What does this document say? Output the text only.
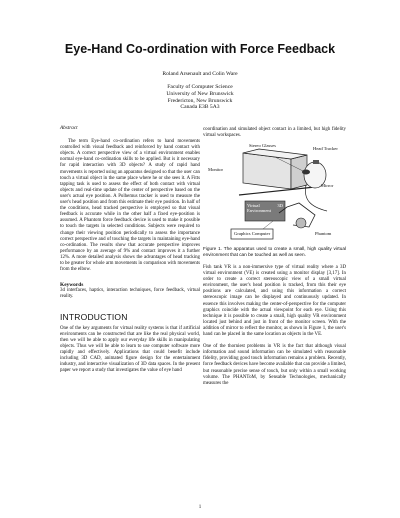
Eye-Hand Co-ordination with Force Feedback
Roland Arsenault and Colin Ware
Faculty of Computer Science
University of New Brunswick
Fredericton, New Brunswick
Canada E3B 5A3
Abstract

The term Eye-hand co-ordination refers to hand movements controlled with visual feedback and reinforced by hand contact with objects. A correct perspective view of a virtual environment enables normal eye-hand co-ordination skills to be applied. But is it necessary for rapid interaction with 3D objects? A study of rapid hand movements is reported using an apparatus designed so that the user can touch a virtual object in the same place where he or she sees it. A Fitts tapping task is used to assess the effect of both contact with virtual objects and real-time update of the center of perspective based on the user's actual eye position. A Polhemus tracker is used to measure the user's head position and from this estimate their eye position. In half of the conditions, head tracked perspective is employed so that visual feedback is accurate while in the other half a fixed eye-position is assumed. A Phantom force feedback device is used to make it possible to touch the targets in selected conditions. Subjects were required to change their viewing position periodically to assess the importance correct perspective and of touching the targets in maintaining eye-hand co-ordination. The results show that accurate perspective improves performance by an average of 9% and contact improves it a further 12%. A more detailed analysis shows the advantages of head tracking to be greater for whole arm movements in comparison with movements from the elbow.

Keywords

3d interfaces, haptics, interaction techniques, force feedback, virtual reality.

INTRODUCTION

One of the key arguments for virtual reality systems is that if artificial environments can be constructed that are like the real physical world, then we will be able to apply our everyday life skills in manipulating objects. Thus we will be able to learn to use computer software more rapidly and effectively. Applications that could benefit include including 3D CAD, animated figure design for the entertainment industry, and interactive visualization of 3D data spaces. In the present paper we report a study that investigates the value of eye hand

coordination and simulated object contact in a limited, but high fidelity virtual workspaces.

Stereo Glasses
Head Tracker
Monitor
Mirror
Virtual 3D Environment
Phantom
Graphics Computer
Figure 1. The apparatus used to create a small, high quality virtual environment that can be touched as well as seen.

Fish tank VR is a non-immersive type of virtual reality where a 3D virtual environment (VE) is created using a monitor display [3,17]. In order to create a correct stereoscopic view of a small virtual environment, the user's head position is tracked, from this their eye positions are calculated, and using this information a correct stereoscopic image can be displayed and continuously updated. In essence this involves making the center-of-perspective for the computer graphics coincide with the actual viewpoint for each eye. Using this technique it is possible to create a small, high quality VR environment located just behind and just in front of the monitor screen. With the addition of mirror to reflect the monitor, as shown in Figure 1, the user's hand can be placed in the same location as objects in the VE.

One of the thorniest problems in VR is the fact that although visual information and sound information can be simulated with reasonable fidelity, providing good touch information remains a problem. Recently, force feedback devices have become available that can provide a limited, but reasonable precise sense of touch, but only within a small working volume. The PHANToM, by Sensable Technologies, mechanically measures the

1
